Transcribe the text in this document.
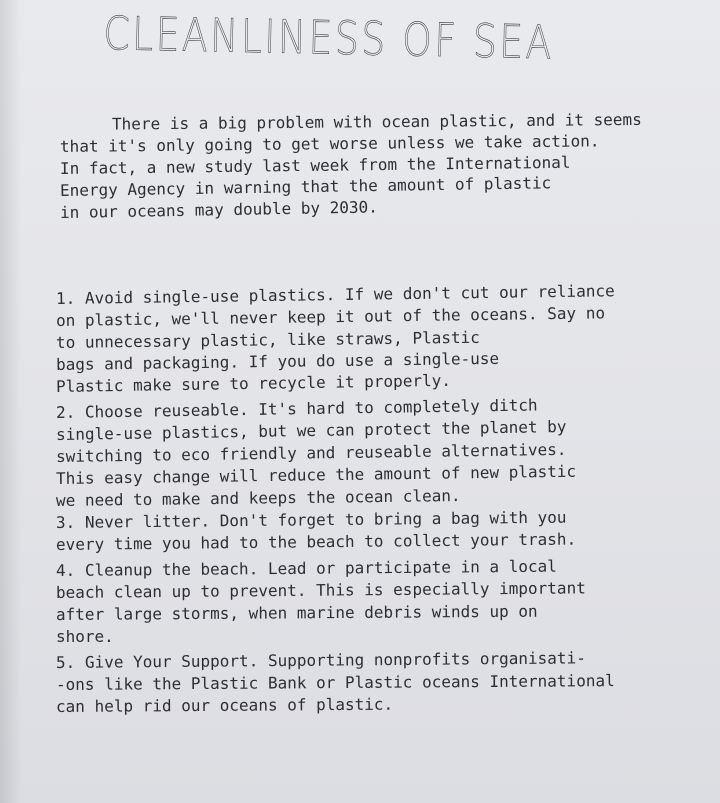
CLEANLINESS OF SEA
There is a big problem with ocean plastic, and it seems
that it's only going to get worse unless we take action.
In fact, a new study last week from the International
Energy Agency in warning that the amount of plastic
in our oceans may double by 2030.
1. Avoid single-use plastics. If we don't cut our reliance
on plastic, we'll never keep it out of the oceans. Say no
to unnecessary plastic, like straws, Plastic
bags and packaging. If you do use a single-use
Plastic make sure to recycle it properly.
2. Choose reuseable. It's hard to completely ditch
single-use plastics, but we can protect the planet by
switching to eco friendly and reuseable alternatives.
This easy change will reduce the amount of new plastic
we need to make and keeps the ocean clean.
3. Never litter. Don't forget to bring a bag with you
every time you had to the beach to collect your trash.
4. Cleanup the beach. Lead or participate in a local
beach clean up to prevent. This is especially important
after large storms, when marine debris winds up on
shore.
5. Give Your Support. Supporting nonprofits organisati-
-ons like the Plastic Bank or Plastic oceans International
can help rid our oceans of plastic.
